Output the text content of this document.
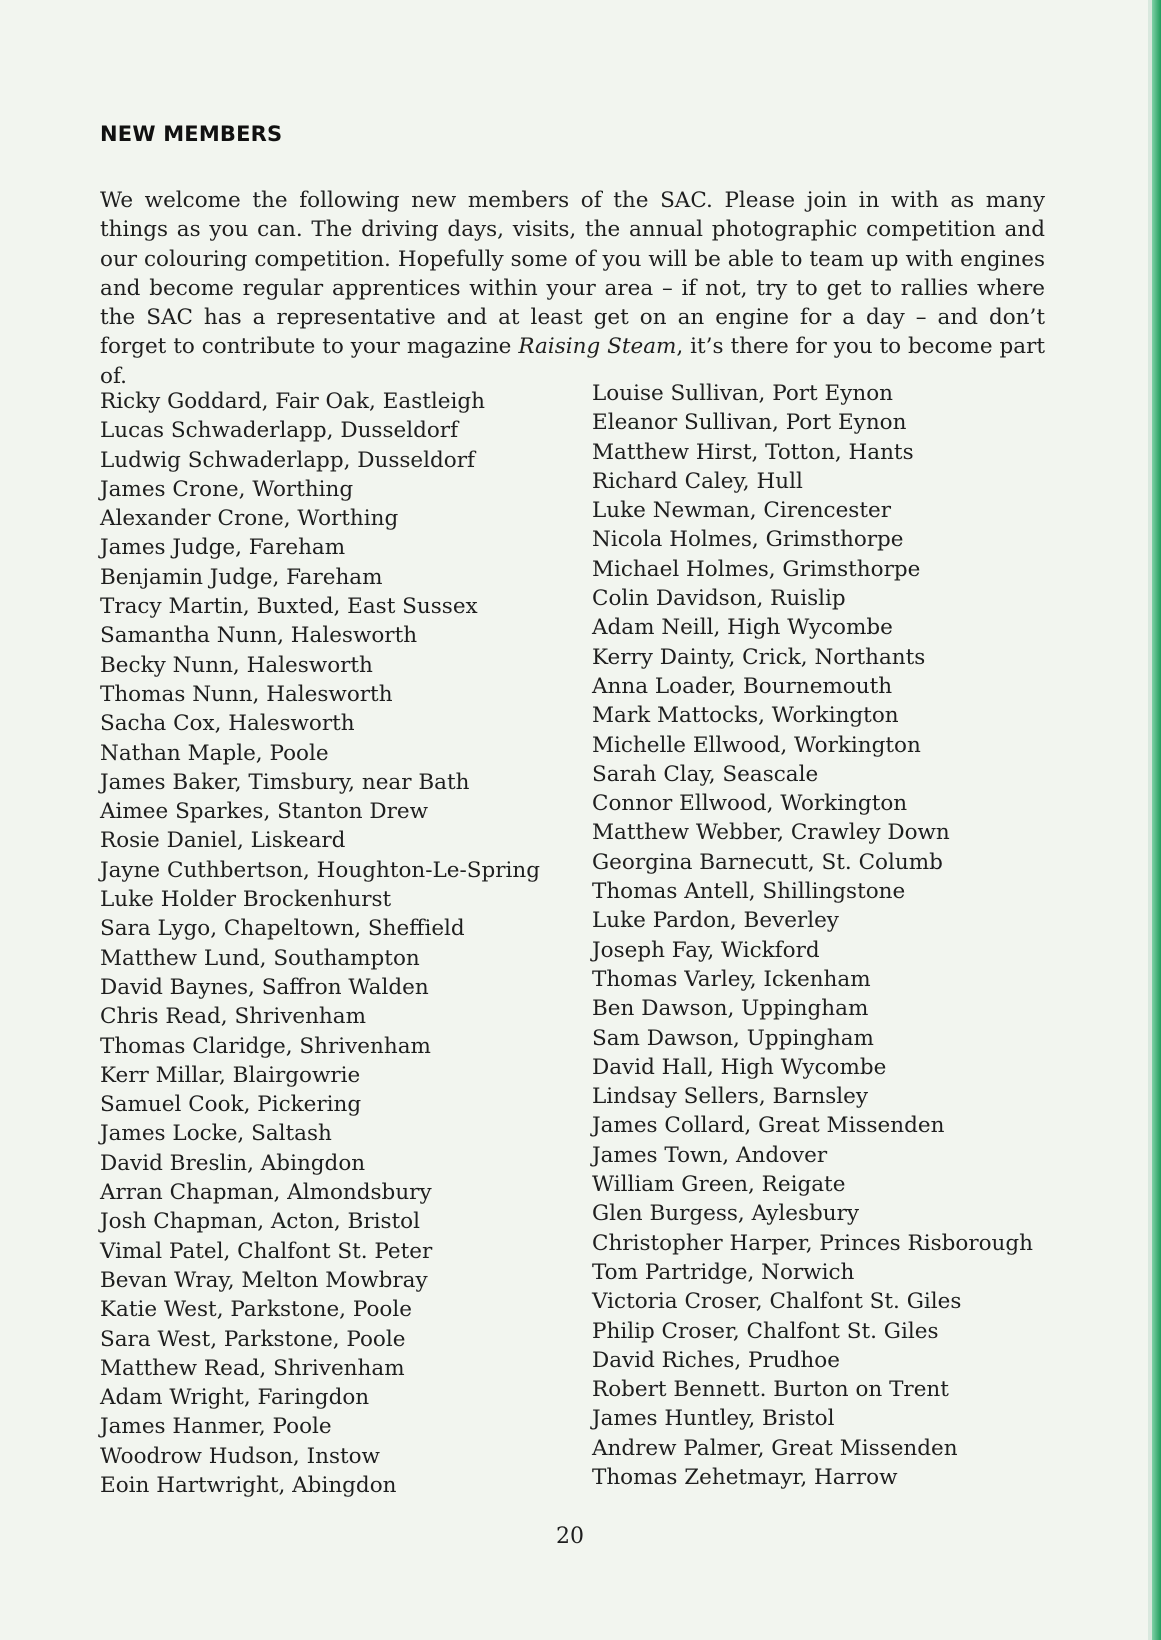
NEW MEMBERS

We welcome the following new members of the SAC. Please join in with as many things as you can. The driving days, visits, the annual photographic competition and our colouring competition. Hopefully some of you will be able to team up with engines and become regular apprentices within your area – if not, try to get to rallies where the SAC has a representative and at least get on an engine for a day – and don’t forget to contribute to your magazine Raising Steam, it’s there for you to become part of.

Ricky Goddard, Fair Oak, Eastleigh
Lucas Schwaderlapp, Dusseldorf
Ludwig Schwaderlapp, Dusseldorf
James Crone, Worthing
Alexander Crone, Worthing
James Judge, Fareham
Benjamin Judge, Fareham
Tracy Martin, Buxted, East Sussex
Samantha Nunn, Halesworth
Becky Nunn, Halesworth
Thomas Nunn, Halesworth
Sacha Cox, Halesworth
Nathan Maple, Poole
James Baker, Timsbury, near Bath
Aimee Sparkes, Stanton Drew
Rosie Daniel, Liskeard
Jayne Cuthbertson, Houghton-Le-Spring
Luke Holder Brockenhurst
Sara Lygo, Chapeltown, Sheffield
Matthew Lund, Southampton
David Baynes, Saffron Walden
Chris Read, Shrivenham
Thomas Claridge, Shrivenham
Kerr Millar, Blairgowrie
Samuel Cook, Pickering
James Locke, Saltash
David Breslin, Abingdon
Arran Chapman, Almondsbury
Josh Chapman, Acton, Bristol
Vimal Patel, Chalfont St. Peter
Bevan Wray, Melton Mowbray
Katie West, Parkstone, Poole
Sara West, Parkstone, Poole
Matthew Read, Shrivenham
Adam Wright, Faringdon
James Hanmer, Poole
Woodrow Hudson, Instow
Eoin Hartwright, Abingdon
Louise Sullivan, Port Eynon
Eleanor Sullivan, Port Eynon
Matthew Hirst, Totton, Hants
Richard Caley, Hull
Luke Newman, Cirencester
Nicola Holmes, Grimsthorpe
Michael Holmes, Grimsthorpe
Colin Davidson, Ruislip
Adam Neill, High Wycombe
Kerry Dainty, Crick, Northants
Anna Loader, Bournemouth
Mark Mattocks, Workington
Michelle Ellwood, Workington
Sarah Clay, Seascale
Connor Ellwood, Workington
Matthew Webber, Crawley Down
Georgina Barnecutt, St. Columb
Thomas Antell, Shillingstone
Luke Pardon, Beverley
Joseph Fay, Wickford
Thomas Varley, Ickenham
Ben Dawson, Uppingham
Sam Dawson, Uppingham
David Hall, High Wycombe
Lindsay Sellers, Barnsley
James Collard, Great Missenden
James Town, Andover
William Green, Reigate
Glen Burgess, Aylesbury
Christopher Harper, Princes Risborough
Tom Partridge, Norwich
Victoria Croser, Chalfont St. Giles
Philip Croser, Chalfont St. Giles
David Riches, Prudhoe
Robert Bennett. Burton on Trent
James Huntley, Bristol
Andrew Palmer, Great Missenden
Thomas Zehetmayr, Harrow
20
